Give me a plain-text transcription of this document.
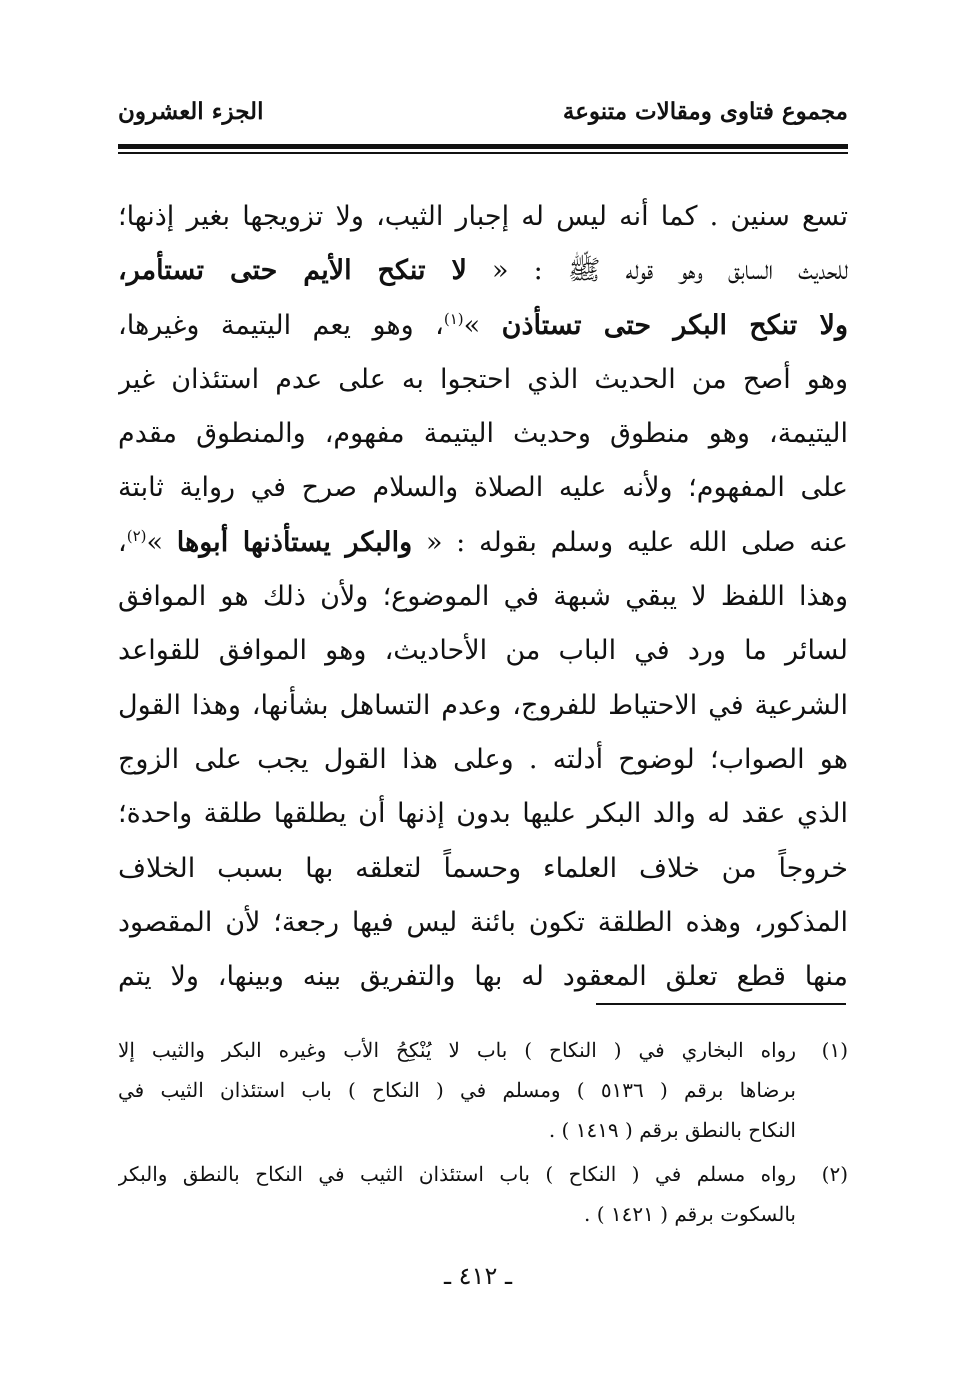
مجموع فتاوى ومقالات متنوعة
الجزء العشرون
تسع سنين . كما أنه ليس له إجبار الثيب، ولا تزويجها بغير إذنها؛
للحديث السابق وهو قوله ﷺ : « لا تنكح الأيم حتى تستأمر،
ولا تنكح البكر حتى تستأذن »$^{(١)}$، وهو يعم اليتيمة وغيرها،
وهو أصح من الحديث الذي احتجوا به على عدم استئذان غير
اليتيمة، وهو منطوق وحديث اليتيمة مفهوم، والمنطوق مقدم
على المفهوم؛ ولأنه عليه الصلاة والسلام صرح في رواية ثابتة
عنه صلى الله عليه وسلم بقوله : « والبكر يستأذنها أبوها »$^{(٢)}$،
وهذا اللفظ لا يبقي شبهة في الموضوع؛ ولأن ذلك هو الموافق
لسائر ما ورد في الباب من الأحاديث، وهو الموافق للقواعد
الشرعية في الاحتياط للفروج، وعدم التساهل بشأنها، وهذا القول
هو الصواب؛ لوضوح أدلته . وعلى هذا القول يجب على الزوج
الذي عقد له والد البكر عليها بدون إذنها أن يطلقها طلقة واحدة؛
خروجاً من خلاف العلماء وحسماً لتعلقه بها بسبب الخلاف
المذكور، وهذه الطلقة تكون بائنة ليس فيها رجعة؛ لأن المقصود
منها قطع تعلق المعقود له بها والتفريق بينه وبينها، ولا يتم
(١)
رواه البخاري في ( النكاح ) باب لا يُنْكِحُ الأب وغيره البكر والثيب إلا
برضاها برقم ( ٥١٣٦ ) ومسلم في ( النكاح ) باب استئذان الثيب في
النكاح بالنطق برقم ( ١٤١٩ ) .
(٢)
رواه مسلم في ( النكاح ) باب استئذان الثيب في النكاح بالنطق والبكر
بالسكوت برقم ( ١٤٢١ ) .
ـ ٤١٢ ـ
